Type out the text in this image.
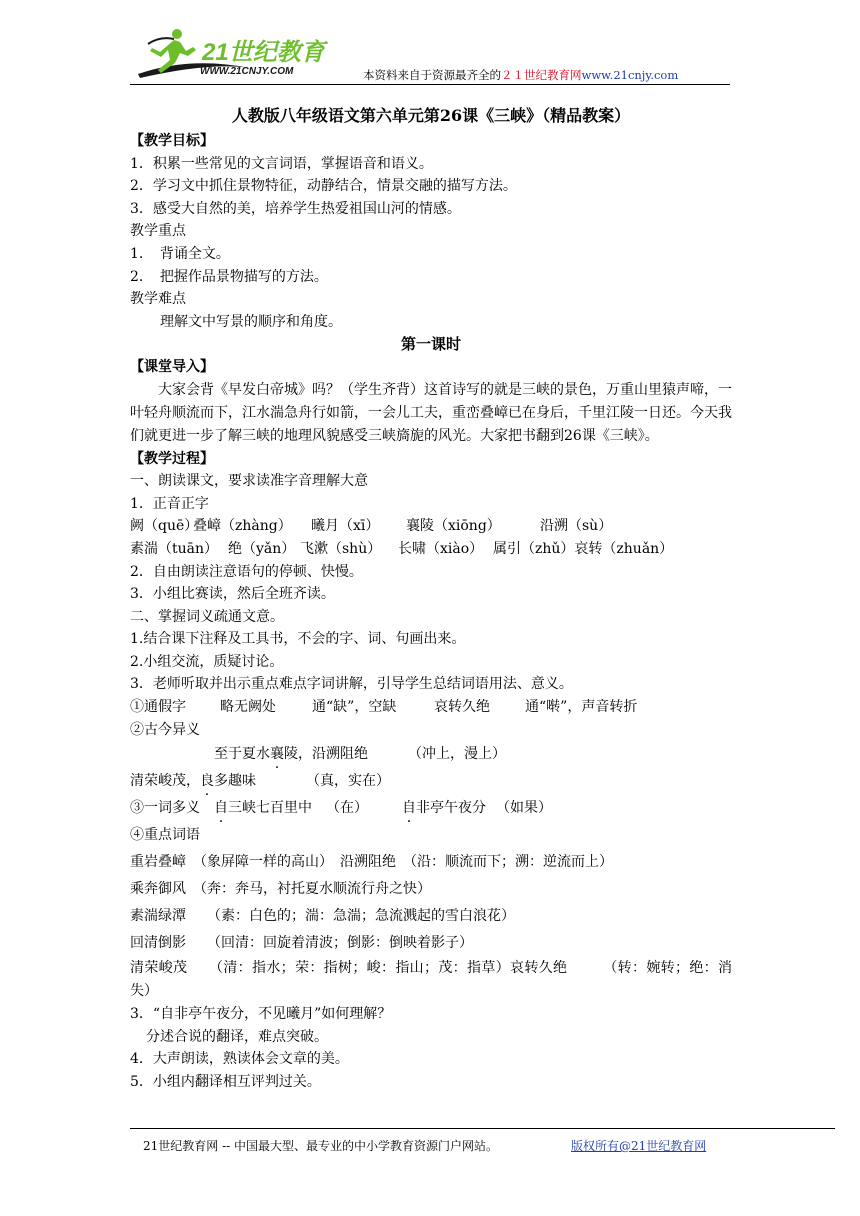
21世纪教育
WWW.21CNJY.COM	本资料来自于资源最齐全的２１世纪教育网www.21cnjy.com
人教版八年级语文第六单元第26课《三峡》（精品教案）
【教学目标】
1．积累一些常见的文言词语，掌握语音和语义。
2．学习文中抓住景物特征，动静结合，情景交融的描写方法。
3．感受大自然的美，培养学生热爱祖国山河的情感。
教学重点
1．　背诵全文。
2．　把握作品景物描写的方法。
教学难点
理解文中写景的顺序和角度。
第一课时
【课堂导入】
大家会背《早发白帝城》吗？（学生齐背）这首诗写的就是三峡的景色，万重山里猿声啼，一叶轻舟顺流而下，江水湍急舟行如箭，一会儿工夫，重峦叠嶂已在身后，千里江陵一日还。今天我们就更进一步了解三峡的地理风貌感受三峡旖旎的风光。大家把书翻到26课《三峡》。
【教学过程】
一、朗读课文，要求读准字音理解大意
1．正音正字
阙（quē）叠嶂（zhàng） 曦月（xī） 襄陵（xiōng）	沿溯（sù）
素湍（tuān） 绝（yǎn） 飞漱（shù） 长啸（xiào） 属引（zhǔ）哀转（zhuǎn）
2．自由朗读注意语句的停顿、快慢。
3．小组比赛读，然后全班齐读。
二、掌握词义疏通文意。
1.结合课下注释及工具书，不会的字、词、句画出来。
2.小组交流，质疑讨论。
3．老师听取并出示重点难点字词讲解，引导学生总结词语用法、意义。
①通假字 略无阙处	通“缺”，空缺	哀转久绝	通“啭”，声音转折
②古今异义
至于夏水襄陵，沿溯阻绝	（冲上，漫上）
清荣峻茂，良多趣味	（真，实在）
③一词多义 自三峡七百里中 （在） 自非亭午夜分 （如果）
④重点词语
重岩叠嶂　（象屏障一样的高山）　沿溯阻绝　（沿：顺流而下；溯：逆流而上）
乘奔御风　（奔：奔马，衬托夏水顺流行舟之快）
素湍绿潭　　（素：白色的；湍：急湍；急流溅起的雪白浪花）
回清倒影　　（回清：回旋着清波；倒影：倒映着影子）
清荣峻茂　　（清：指水；荣：指树；峻：指山；茂：指草）哀转久绝　　　（转：婉转；绝：消失）
3．“自非亭午夜分，不见曦月”如何理解？
分述合说的翻译，难点突破。
4．大声朗读，熟读体会文章的美。
5．小组内翻译相互评判过关。
21世纪教育网 -- 中国最大型、最专业的中小学教育资源门户网站。	版权所有@21世纪教育网
